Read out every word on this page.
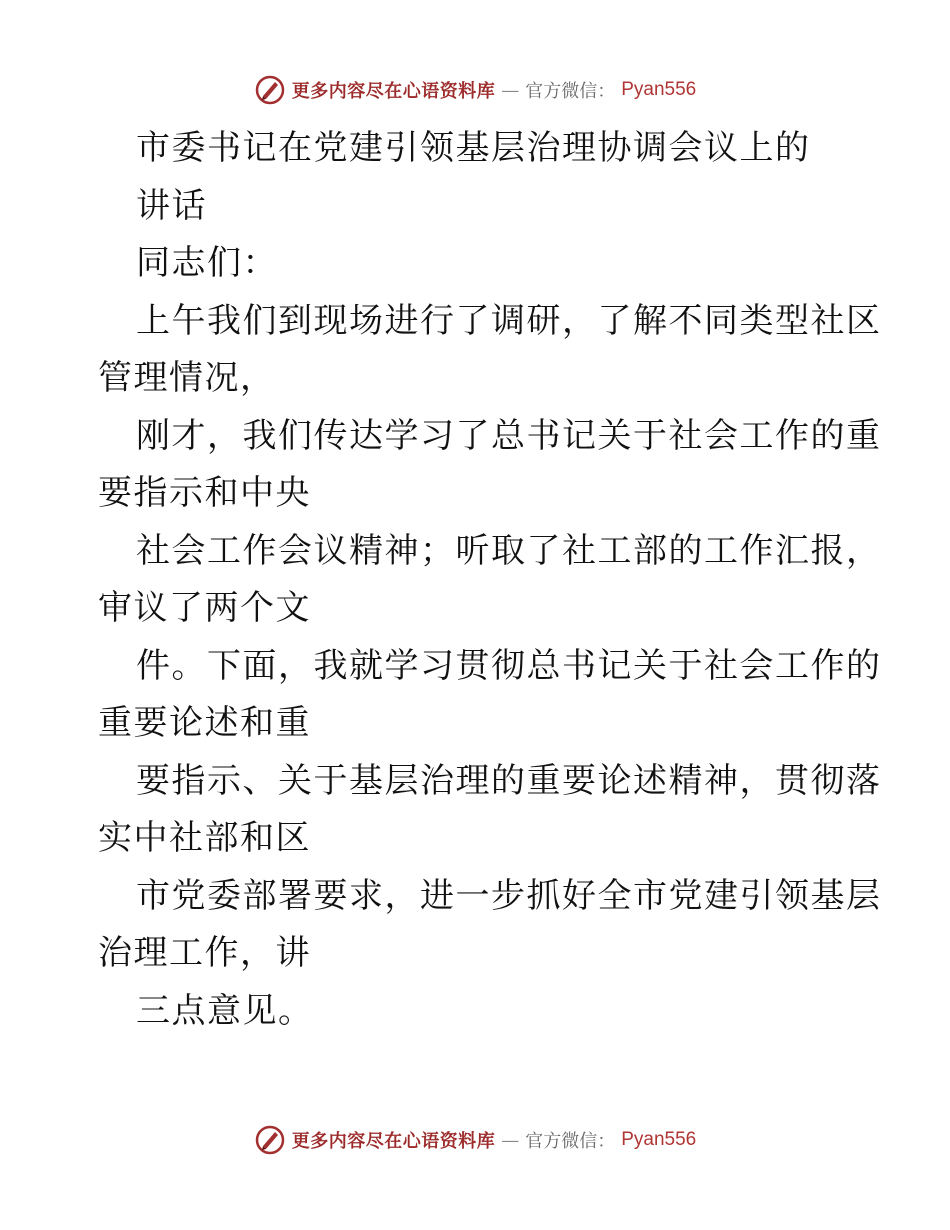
更多内容尽在心语资料库 — 官方微信： Pyan556
市委书记在党建引领基层治理协调会议上的
讲话
同志们：
上午我们到现场进行了调研，了解不同类型社区
管理情况，
刚才，我们传达学习了总书记关于社会工作的重
要指示和中央
社会工作会议精神；听取了社工部的工作汇报，
审议了两个文
件。下面，我就学习贯彻总书记关于社会工作的
重要论述和重
要指示、关于基层治理的重要论述精神，贯彻落
实中社部和区
市党委部署要求，进一步抓好全市党建引领基层
治理工作，讲
三点意见。
更多内容尽在心语资料库 — 官方微信： Pyan556
